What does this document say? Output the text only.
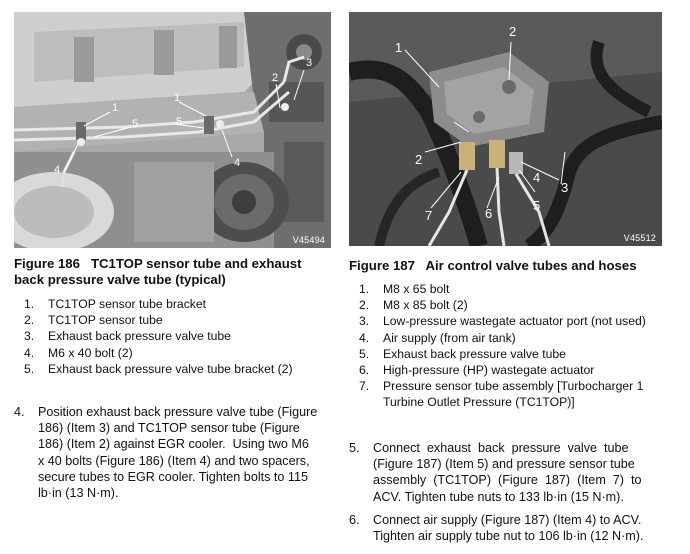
V45494
1
1
2
3
4
4
5	5
V45512
1
2
2
3
4
5
6
7
Figure 186   TC1TOP sensor tube and exhaust
back pressure valve tube (typical)
1. TC1TOP sensor tube bracket
2. TC1TOP sensor tube
3. Exhaust back pressure valve tube
4. M6 x 40 bolt (2)
5. Exhaust back pressure valve tube bracket (2)
Figure 187   Air control valve tubes and hoses
1. M8 x 65 bolt
2. M8 x 85 bolt (2)
3. Low-pressure wastegate actuator port (not used)
4. Air supply (from air tank)
5. Exhaust back pressure valve tube
6. High-pressure (HP) wastegate actuator
7. Pressure sensor tube assembly [Turbocharger 1
Turbine Outlet Pressure (TC1TOP)]
4. Position exhaust back pressure valve tube (Figure
186) (Item 3) and TC1TOP sensor tube (Figure
186) (Item 2) against EGR cooler.  Using two M6
x 40 bolts (Figure 186) (Item 4) and two spacers,
secure tubes to EGR cooler. Tighten bolts to 115
lb·in (13 N·m).
5. Connect  exhaust  back  pressure  valve  tube
(Figure 187) (Item 5) and pressure sensor tube
assembly  (TC1TOP)  (Figure  187)  (Item  7)  to
ACV. Tighten tube nuts to 133 lb·in (15 N·m).
6. Connect air supply (Figure 187) (Item 4) to ACV.
Tighten air supply tube nut to 106 lb·in (12 N·m).
